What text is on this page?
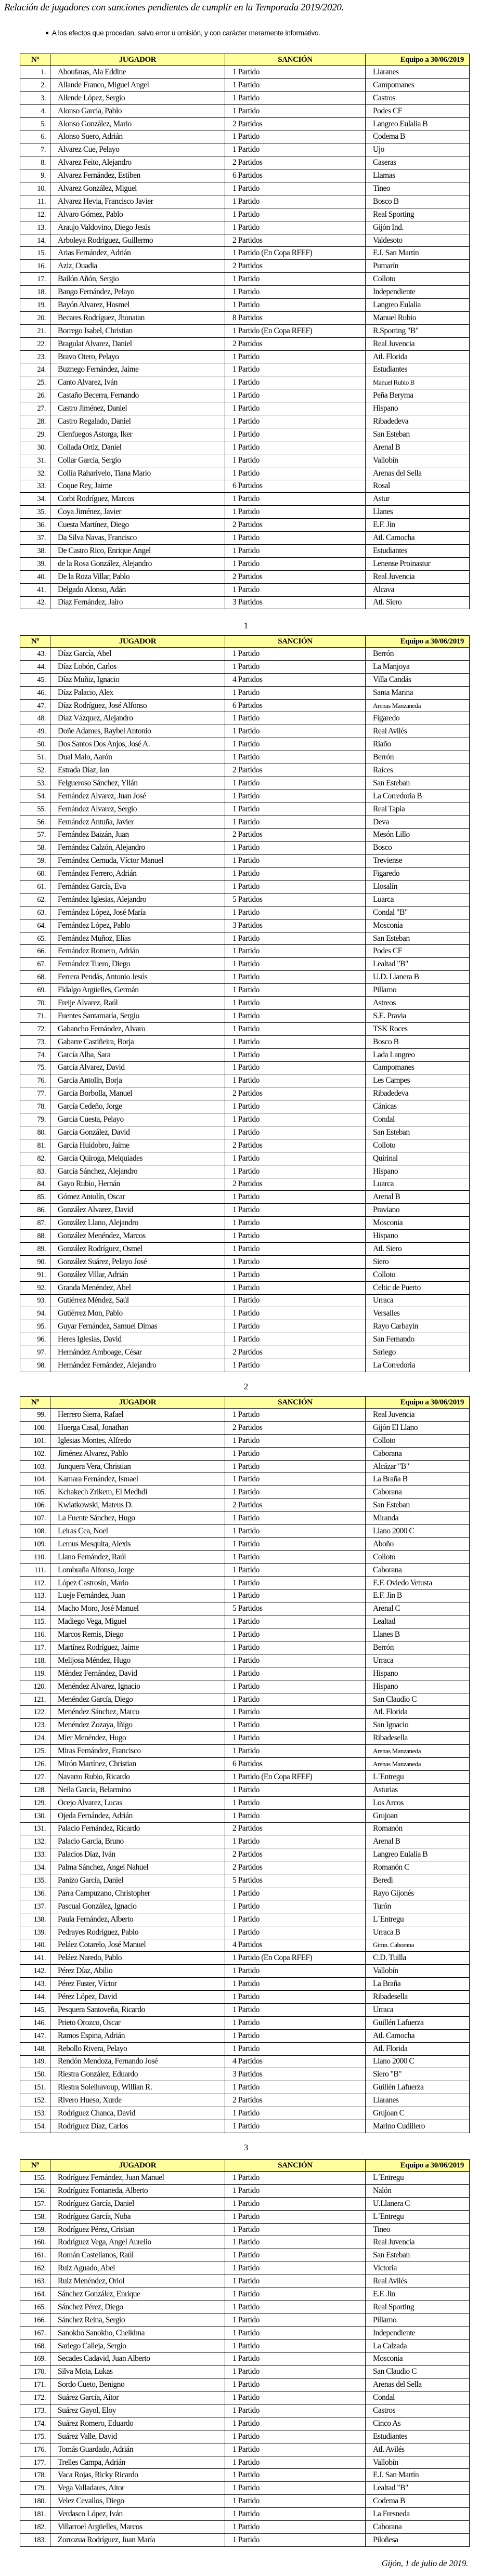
Relación de jugadores con sanciones pendientes de cumplir en la Temporada 2019/2020.
A los efectos que procedan, salvo error u omisión, y con carácter meramente informativo.
Nº	JUGADOR	SANCIÓN	Equipo a 30/06/2019
1.	Aboufaras, Ala Eddine	1 Partido	Llaranes
2.	Allande Franco, Miguel Angel	1 Partido	Campomanes
3.	Allende López, Sergio	1 Partido	Castros
4.	Alonso García, Pablo	1 Partido	Podes CF
5.	Alonso González, Mario	2 Partidos	Langreo Eulalia B
6.	Alonso Suero, Adrián	1 Partido	Codema B
7.	Alvarez Cue, Pelayo	1 Partido	Ujo
8.	Alvarez Feito, Alejandro	2 Partidos	Caseras
9.	Alvarez Fernández, Estiben	6 Partidos	Llamas
10.	Alvarez González, Miguel	1 Partido	Tineo
11.	Alvarez Hevia, Francisco Javier	1 Partido	Bosco B
12.	Alvaro Gómez, Pablo	1 Partido	Real Sporting
13.	Araujo Valdovino, Diego Jesús	1 Partido	Gijón Ind.
14.	Arboleya Rodríguez, Guillermo	2 Partidos	Valdesoto
15.	Arias Fernández, Adrián	1 Partido (En Copa RFEF)	E.I. San Martín
16.	Aziz, Ouadia	2 Partidos	Pumarín
17.	Bailón Añón, Sergio	1 Partido	Colloto
18.	Bango Fernández, Pelayo	1 Partido	Independiente
19.	Bayón Alvarez, Hosmel	1 Partido	Langreo Eulalia
20.	Becares Rodríguez, Jhonatan	8 Partidos	Manuel Rubio
21.	Borrego Isabel, Christian	1 Partido (En Copa RFEF)	R.Sporting "B"
22.	Bragulat Alvarez, Daniel	2 Partidos	Real Juvencia
23.	Bravo Otero, Pelayo	1 Partido	Atl. Florida
24.	Buznego Fernández, Jaime	1 Partido	Estudiantes
25.	Canto Alvarez, Iván	1 Partido	Manuel Rubio B
26.	Castaño Becerra, Fernando	1 Partido	Peña Beryma
27.	Castro Jiménez, Daniel	1 Partido	Hispano
28.	Castro Regalado, Daniel	1 Partido	Ribadedeva
29.	Cienfuegos Astorga, Iker	1 Partido	San Esteban
30.	Collada Ortiz, Daniel	1 Partido	Arenal B
31.	Collar García, Sergio	1 Partido	Vallobín
32.	Collía Raharivelo, Tiana Mario	1 Partido	Arenas del Sella
33.	Coque Rey, Jaime	6 Partidos	Rosal
34.	Corbi Rodríguez, Marcos	1 Partido	Astur
35.	Coya Jiménez, Javier	1 Partido	Llanes
36.	Cuesta Martínez, Diego	2 Partidos	E.F. Jin
37.	Da Silva Navas, Francisco	1 Partido	Atl. Camocha
38.	De Castro Rico, Enrique Angel	1 Partido	Estudiantes
39.	de la Rosa González, Alejandro	1 Partido	Lenense Proinastur
40.	De la Roza Villar, Pablo	2 Partidos	Real Juvencia
41.	Delgado Alonso, Adán	1 Partido	Alcava
42.	Díaz Fernández, Jairo	3 Partidos	Atl. Siero
1
Nº	JUGADOR	SANCIÓN	Equipo a 30/06/2019
43.	Díaz García, Abel	1 Partido	Berrón
44.	Díaz Lobón, Carlos	1 Partido	La Manjoya
45.	Díaz Muñiz, Ignacio	4 Partidos	Villa Candás
46.	Díaz Palacio, Alex	1 Partido	Santa Marina
47.	Díaz Rodríguez, José Alfonso	6 Partidos	Arenas Manzaneda
48.	Díaz Vázquez, Alejandro	1 Partido	Figaredo
49.	Doñe Adames, Raybel Antonio	1 Partido	Real Avilés
50.	Dos Santos Dos Anjos, José A.	1 Partido	Riaño
51.	Dual Malo, Aarón	1 Partido	Berrón
52.	Estrada Díaz, Ian	2 Partidos	Raíces
53.	Felgueroso Sánchez, Yllán	1 Partido	San Esteban
54.	Fernández Alvarez, Juan José	1 Partido	La Corredoria B
55.	Fernández Alvarez, Sergio	1 Partido	Real Tapia
56.	Fernández Antuña, Javier	1 Partido	Deva
57.	Fernández Baizán, Juan	2 Partidos	Mesón Lillo
58.	Fernández Calzón, Alejandro	1 Partido	Bosco
59.	Fernández Cernuda, Víctor Manuel	1 Partido	Treviense
60.	Fernández Ferrero, Adrián	1 Partido	Figaredo
61.	Fernández García, Eva	1 Partido	Llosalín
62.	Fernández Iglesias, Alejandro	5 Partidos	Luarca
63.	Fernández López, José María	1 Partido	Condal "B"
64.	Fernández López, Pablo	3 Partidos	Mosconia
65.	Fernández Muñoz, Elías	1 Partido	San Esteban
66.	Fernández Romero, Adrián	1 Partido	Podes CF
67.	Fernández Tuero, Diego	1 Partido	Lealtad "B"
68.	Ferrera Pendás, Antonio Jesús	1 Partido	U.D. Llanera B
69.	Fidalgo Argüelles, Germán	1 Partido	Pillarno
70.	Freije Alvarez, Raúl	1 Partido	Astreos
71.	Fuentes Santamaría, Sergio	1 Partido	S.E. Pravia
72.	Gabancho Fernández, Alvaro	1 Partido	TSK Roces
73.	Gabarre Castiñeira, Borja	1 Partido	Bosco B
74.	García Alba, Sara	1 Partido	Lada Langreo
75.	García Alvarez, David	1 Partido	Campomanes
76.	García Antolín, Borja	1 Partido	Les Campes
77.	García Borbolla, Manuel	2 Partidos	Ribadedeva
78.	García Cedeño, Jorge	1 Partido	Cánicas
79.	García Cuesta, Pelayo	1 Partido	Condal
80.	García González, David	1 Partido	San Esteban
81.	García Huidobro, Jaime	2 Partidos	Colloto
82.	García Quiroga, Melquiades	1 Partido	Quirinal
83.	García Sánchez, Alejandro	1 Partido	Hispano
84.	Gayo Rubio, Hernán	2 Partidos	Luarca
85.	Gómez Antolín, Oscar	1 Partido	Arenal B
86.	González Alvarez, David	1 Partido	Praviano
87.	González Llano, Alejandro	1 Partido	Mosconia
88.	González Menéndez, Marcos	1 Partido	Hispano
89.	González Rodríguez, Osmel	1 Partido	Atl. Siero
90.	González Suárez, Pelayo José	1 Partido	Siero
91.	González Villar, Adrián	1 Partido	Colloto
92.	Granda Menéndez, Abel	1 Partido	Celtic de Puerto
93.	Gutiérrez Méndez, Saúl	1 Partido	Urraca
94.	Gutiérrez Mon, Pablo	1 Partido	Versalles
95.	Guyar Fernández, Samuel Dimas	1 Partido	Rayo Carbayín
96.	Heres Iglesias, David	1 Partido	San Fernando
97.	Hernández Amboage, César	2 Partidos	Sariego
98.	Hernández Fernández, Alejandro	1 Partido	La Corredoria
2
Nº	JUGADOR	SANCIÓN	Equipo a 30/06/2019
99.	Herrero Sierra, Rafael	1 Partido	Real Juvencia
100.	Huerga Casal, Jonathan	2 Partidos	Gijón El Llano
101.	Iglesias Montes, Alfredo	1 Partido	Colloto
102.	Jiménez Alvarez, Pablo	1 Partido	Caborana
103.	Junquera Vera, Christian	1 Partido	Alcázar "B"
104.	Kamara Fernández, Ismael	1 Partido	La Braña B
105.	Kchakech Zrikem, El Medhdi	1 Partido	Caborana
106.	Kwiatkowski, Mateus D.	2 Partidos	San Esteban
107.	La Fuente Sánchez, Hugo	1 Partido	Miranda
108.	Leiras Cea, Noel	1 Partido	Llano 2000 C
109.	Lemus Mesquita, Alexis	1 Partido	Aboño
110.	Llano Fernández, Raúl	1 Partido	Colloto
111.	Lombraña Alfonso, Jorge	1 Partido	Caborana
112.	López Castrosín, Mario	1 Partido	E.F. Oviedo Vetusta
113.	Lueje Fernández, Juan	1 Partido	E.F. Jin B
114.	Macho Moro, José Manuel	5 Partidos	Arenal C
115.	Madiego Vega, Miguel	1 Partido	Lealtad
116.	Marcos Remis, Diego	1 Partido	Llanes B
117.	Martínez Rodríguez, Jaime	1 Partido	Berrón
118.	Melijosa Méndez, Hugo	1 Partido	Urraca
119.	Méndez Fernández, David	1 Partido	Hispano
120.	Menéndez Alvarez, Ignacio	1 Partido	Hispano
121.	Menéndez García, Diego	1 Partido	San Claudio C
122.	Menéndez Sánchez, Marco	1 Partido	Atl. Florida
123.	Menéndez Zozaya, Iñigo	1 Partido	San Ignacio
124.	Mier Menéndez, Hugo	1 Partido	Ribadesella
125.	Miras Fernández, Francisco	1 Partido	Arenas Manzaneda
126.	Mirón Martínez, Christian	6 Partidos	Arenas Manzaneda
127.	Navarro Rubio, Ricardo	1 Partido (En Copa RFEF)	L´Entregu
128.	Neila García, Belarmino	1 Partido	Asturias
129.	Ocejo Alvarez, Lucas	1 Partido	Los Arcos
130.	Ojeda Fernández, Adrián	1 Partido	Grujoan
131.	Palacio Fernández, Ricardo	2 Partidos	Romanón
132.	Palacio García, Bruno	1 Partido	Arenal B
133.	Palacios Díaz, Iván	2 Partidos	Langreo Eulalia B
134.	Palma Sánchez, Angel Nahuel	2 Partidos	Romanón C
135.	Panizo García, Daniel	5 Partidos	Beredi
136.	Parra Campuzano, Christopher	1 Partido	Rayo Gijonés
137.	Pascual González, Ignacio	1 Partido	Turón
138.	Paula Fernández, Alberto	1 Partido	L´Entregu
139.	Pedrayes Rodríguez, Pablo	1 Partido	Urraca B
140.	Peláez Cotarelo, José Manuel	4 Partidos	Gimn. Caborana
141.	Peláez Naredo, Pablo	1 Partido (En Copa RFEF)	C.D. Tuilla
142.	Pérez Díaz, Abilio	1 Partido	Vallobín
143.	Pérez Fuster, Víctor	1 Partido	La Braña
144.	Pérez López, David	1 Partido	Ribadesella
145.	Pesquera Santoveña, Ricardo	1 Partido	Urraca
146.	Prieto Orozco, Oscar	1 Partido	Guillén Lafuerza
147.	Ramos Espina, Adrián	1 Partido	Atl. Camocha
148.	Rebollo Rivera, Pelayo	1 Partido	Atl. Florida
149.	Rendón Mendoza, Fernando José	4 Partidos	Llano 2000 C
150.	Riestra González, Eduardo	3 Partidos	Siero "B"
151.	Riestra Soleihavoup, Willian R.	1 Partido	Guillén Lafuerza
152.	Rivero Hueso, Xurde	2 Partidos	Llaranes
153.	Rodríguez Chanca, David	1 Partido	Grujoan C
154.	Rodríguez Díaz, Carlos	1 Partido	Marino Cudillero
3
Nº	JUGADOR	SANCIÓN	Equipo a 30/06/2019
155.	Rodríguez Fernández, Juan Manuel	1 Partido	L´Entregu
156.	Rodríguez Fontaneda, Alberto	1 Partido	Nalón
157.	Rodríguez García, Daniel	1 Partido	U.Llanera C
158.	Rodríguez García, Nuba	1 Partido	L´Entregu
159.	Rodríguez Pérez, Cristian	1 Partido	Tineo
160.	Rodríguez Vega, Angel Aurelio	1 Partido	Real Juvencia
161.	Román Castellanos, Raúl	1 Partido	San Esteban
162.	Ruiz Aguado, Abel	1 Partido	Victoria
163.	Ruiz Menéndez, Oriol	1 Partido	Real Avilés
164.	Sánchez González, Enrique	1 Partido	E.F. Jin
165.	Sánchez Pérez, Diego	1 Partido	Real Sporting
166.	Sánchez Reina, Sergio	1 Partido	Pillarno
167.	Sanokho Sanokho, Cheikhna	1 Partido	Independiente
168.	Sariego Calleja, Sergio	1 Partido	La Calzada
169.	Secades Cadavid, Juan Alberto	1 Partido	Mosconia
170.	Silva Mota, Lukas	1 Partido	San Claudio C
171.	Sordo Cueto, Benigno	1 Partido	Arenas del Sella
172.	Suárez García, Aitor	1 Partido	Condal
173.	Suárez Gayol, Eloy	1 Partido	Castros
174.	Suárez Romero, Eduardo	1 Partido	Cinco As
175.	Suárez Valle, David	1 Partido	Estudiantes
176.	Tomás Guardado, Adrián	1 Partido	Atl. Avilés
177.	Trelles Campa, Adrián	1 Partido	Vallobín
178.	Vaca Rojas, Ricky Ricardo	1 Partido	E.I. San Martín
179.	Vega Valladares, Aitor	1 Partido	Lealtad "B"
180.	Velez Cevallos, Diego	1 Partido	Codema B
181.	Verdasco López, Iván	1 Partido	La Fresneda
182.	Villarroel Argüelles, Marcos	1 Partido	Caborana
183.	Zorrozua Rodríguez, Juan María	1 Partido	Piloñesa
Gijón, 1 de julio de 2019.
